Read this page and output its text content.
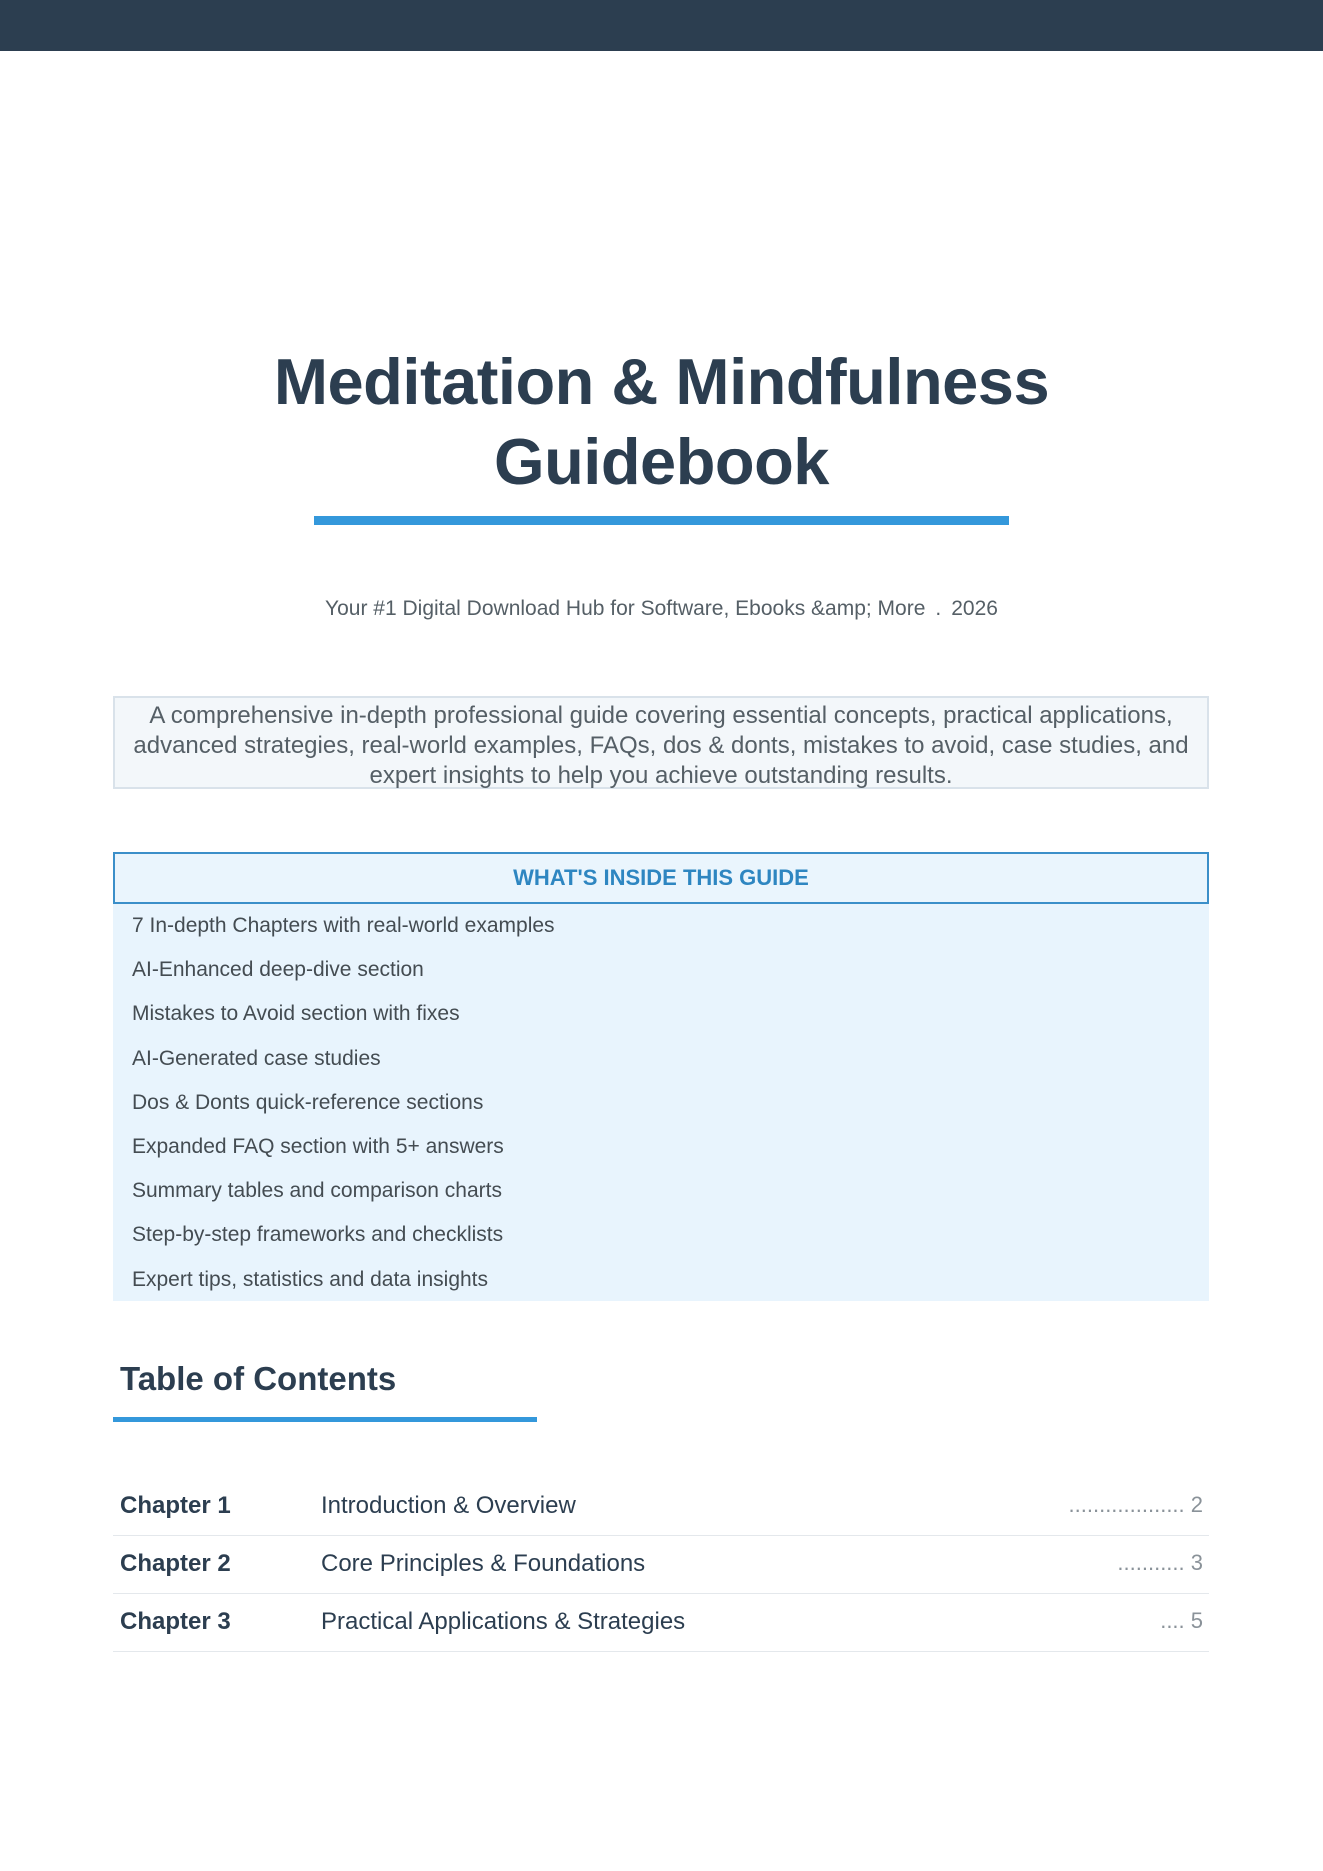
Meditation & Mindfulness
Guidebook
Your #1 Digital Download Hub for Software, Ebooks &amp; More . 2026
A comprehensive in-depth professional guide covering essential concepts, practical applications, advanced strategies, real-world examples, FAQs, dos & donts, mistakes to avoid, case studies, and expert insights to help you achieve outstanding results.
WHAT'S INSIDE THIS GUIDE
7 In-depth Chapters with real-world examples
AI-Enhanced deep-dive section
Mistakes to Avoid section with fixes
AI-Generated case studies
Dos & Donts quick-reference sections
Expanded FAQ section with 5+ answers
Summary tables and comparison charts
Step-by-step frameworks and checklists
Expert tips, statistics and data insights
Table of Contents
Chapter 1	Introduction & Overview	................... 2
Chapter 2	Core Principles & Foundations	........... 3
Chapter 3	Practical Applications & Strategies	.... 5
